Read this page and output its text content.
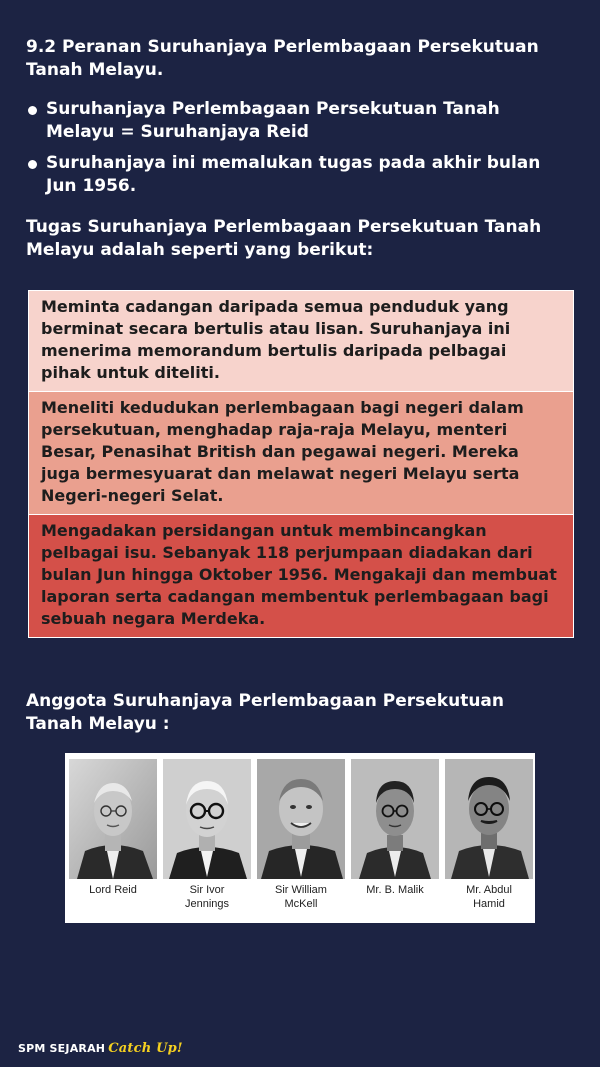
9.2 Peranan Suruhanjaya Perlembagaan Persekutuan Tanah Melayu.
Suruhanjaya Perlembagaan Persekutuan Tanah Melayu = Suruhanjaya Reid
Suruhanjaya ini memalukan tugas pada akhir bulan Jun 1956.

Tugas Suruhanjaya Perlembagaan Persekutuan Tanah Melayu adalah seperti yang berikut:

Meminta cadangan daripada semua penduduk yang berminat secara bertulis atau lisan. Suruhanjaya ini menerima memorandum bertulis daripada pelbagai pihak untuk diteliti.
Meneliti kedudukan perlembagaan bagi negeri dalam persekutuan, menghadap raja-raja Melayu, menteri Besar, Penasihat British dan pegawai negeri. Mereka juga bermesyuarat dan melawat negeri Melayu serta Negeri-negeri Selat.
Mengadakan persidangan untuk membincangkan pelbagai isu. Sebanyak 118 perjumpaan diadakan dari bulan Jun hingga Oktober 1956. Mengakaji dan membuat laporan serta cadangan membentuk perlembagaan bagi sebuah negara Merdeka.
Anggota Suruhanjaya Perlembagaan Persekutuan Tanah Melayu :
Lord Reid	Sir Ivor
Jennings
Sir William
McKell
Mr. B. Malik	Mr. Abdul
Hamid
SPM SEJARAH Catch Up!
